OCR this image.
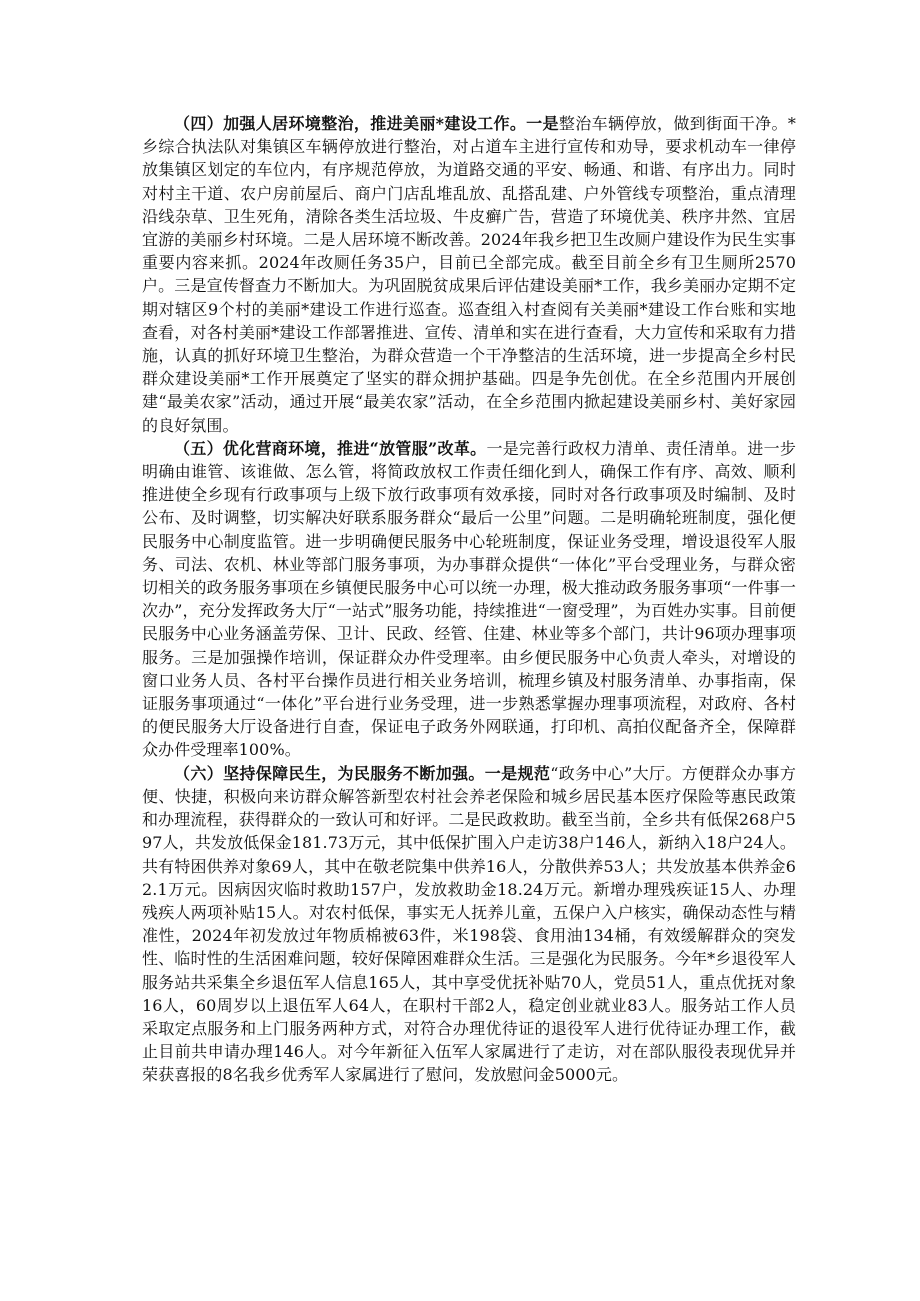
（四）加强人居环境整治，推进美丽*建设工作。一是整治车辆停放，做到街面干净。*乡综合执法队对集镇区车辆停放进行整治，对占道车主进行宣传和劝导，要求机动车一律停放集镇区划定的车位内，有序规范停放，为道路交通的平安、畅通、和谐、有序出力。同时对村主干道、农户房前屋后、商户门店乱堆乱放、乱搭乱建、户外管线专项整治，重点清理沿线杂草、卫生死角，清除各类生活垃圾、牛皮癣广告，营造了环境优美、秩序井然、宜居宜游的美丽乡村环境。二是人居环境不断改善。2024年我乡把卫生改厕户建设作为民生实事重要内容来抓。2024年改厕任务35户，目前已全部完成。截至目前全乡有卫生厕所2570户。三是宣传督查力不断加大。为巩固脱贫成果后评估建设美丽*工作，我乡美丽办定期不定期对辖区9个村的美丽*建设工作进行巡查。巡查组入村查阅有关美丽*建设工作台账和实地查看，对各村美丽*建设工作部署推进、宣传、清单和实在进行查看，大力宣传和采取有力措施，认真的抓好环境卫生整治，为群众营造一个干净整洁的生活环境，进一步提高全乡村民群众建设美丽*工作开展奠定了坚实的群众拥护基础。四是争先创优。在全乡范围内开展创建“最美农家”活动，通过开展“最美农家”活动，在全乡范围内掀起建设美丽乡村、美好家园的良好氛围。

（五）优化营商环境，推进“放管服”改革。一是完善行政权力清单、责任清单。进一步明确由谁管、该谁做、怎么管，将简政放权工作责任细化到人，确保工作有序、高效、顺利推进使全乡现有行政事项与上级下放行政事项有效承接，同时对各行政事项及时编制、及时公布、及时调整，切实解决好联系服务群众“最后一公里”问题。二是明确轮班制度，强化便民服务中心制度监管。进一步明确便民服务中心轮班制度，保证业务受理，增设退役军人服务、司法、农机、林业等部门服务事项，为办事群众提供“一体化”平台受理业务，与群众密切相关的政务服务事项在乡镇便民服务中心可以统一办理，极大推动政务服务事项“一件事一次办”，充分发挥政务大厅“一站式”服务功能，持续推进“一窗受理”，为百姓办实事。目前便民服务中心业务涵盖劳保、卫计、民政、经管、住建、林业等多个部门，共计96项办理事项服务。三是加强操作培训，保证群众办件受理率。由乡便民服务中心负责人牵头，对增设的窗口业务人员、各村平台操作员进行相关业务培训，梳理乡镇及村服务清单、办事指南，保证服务事项通过“一体化”平台进行业务受理，进一步熟悉掌握办理事项流程，对政府、各村的便民服务大厅设备进行自查，保证电子政务外网联通，打印机、高拍仪配备齐全，保障群众办件受理率100%。

（六）坚持保障民生，为民服务不断加强。一是规范“政务中心”大厅。方便群众办事方便、快捷，积极向来访群众解答新型农村社会养老保险和城乡居民基本医疗保险等惠民政策和办理流程，获得群众的一致认可和好评。二是民政救助。截至当前，全乡共有低保268户597人，共发放低保金181.73万元，其中低保扩围入户走访38户146人，新纳入18户24人。共有特困供养对象69人，其中在敬老院集中供养16人，分散供养53人；共发放基本供养金62.1万元。因病因灾临时救助157户，发放救助金18.24万元。新增办理残疾证15人、办理残疾人两项补贴15人。对农村低保，事实无人抚养儿童，五保户入户核实，确保动态性与精准性，2024年初发放过年物质棉被63件，米198袋、食用油134桶，有效缓解群众的突发性、临时性的生活困难问题，较好保障困难群众生活。三是强化为民服务。今年*乡退役军人服务站共采集全乡退伍军人信息165人，其中享受优抚补贴70人，党员51人，重点优抚对象16人，60周岁以上退伍军人64人，在职村干部2人，稳定创业就业83人。服务站工作人员采取定点服务和上门服务两种方式，对符合办理优待证的退役军人进行优待证办理工作，截止目前共申请办理146人。对今年新征入伍军人家属进行了走访，对在部队服役表现优异并荣获喜报的8名我乡优秀军人家属进行了慰问，发放慰问金5000元。
